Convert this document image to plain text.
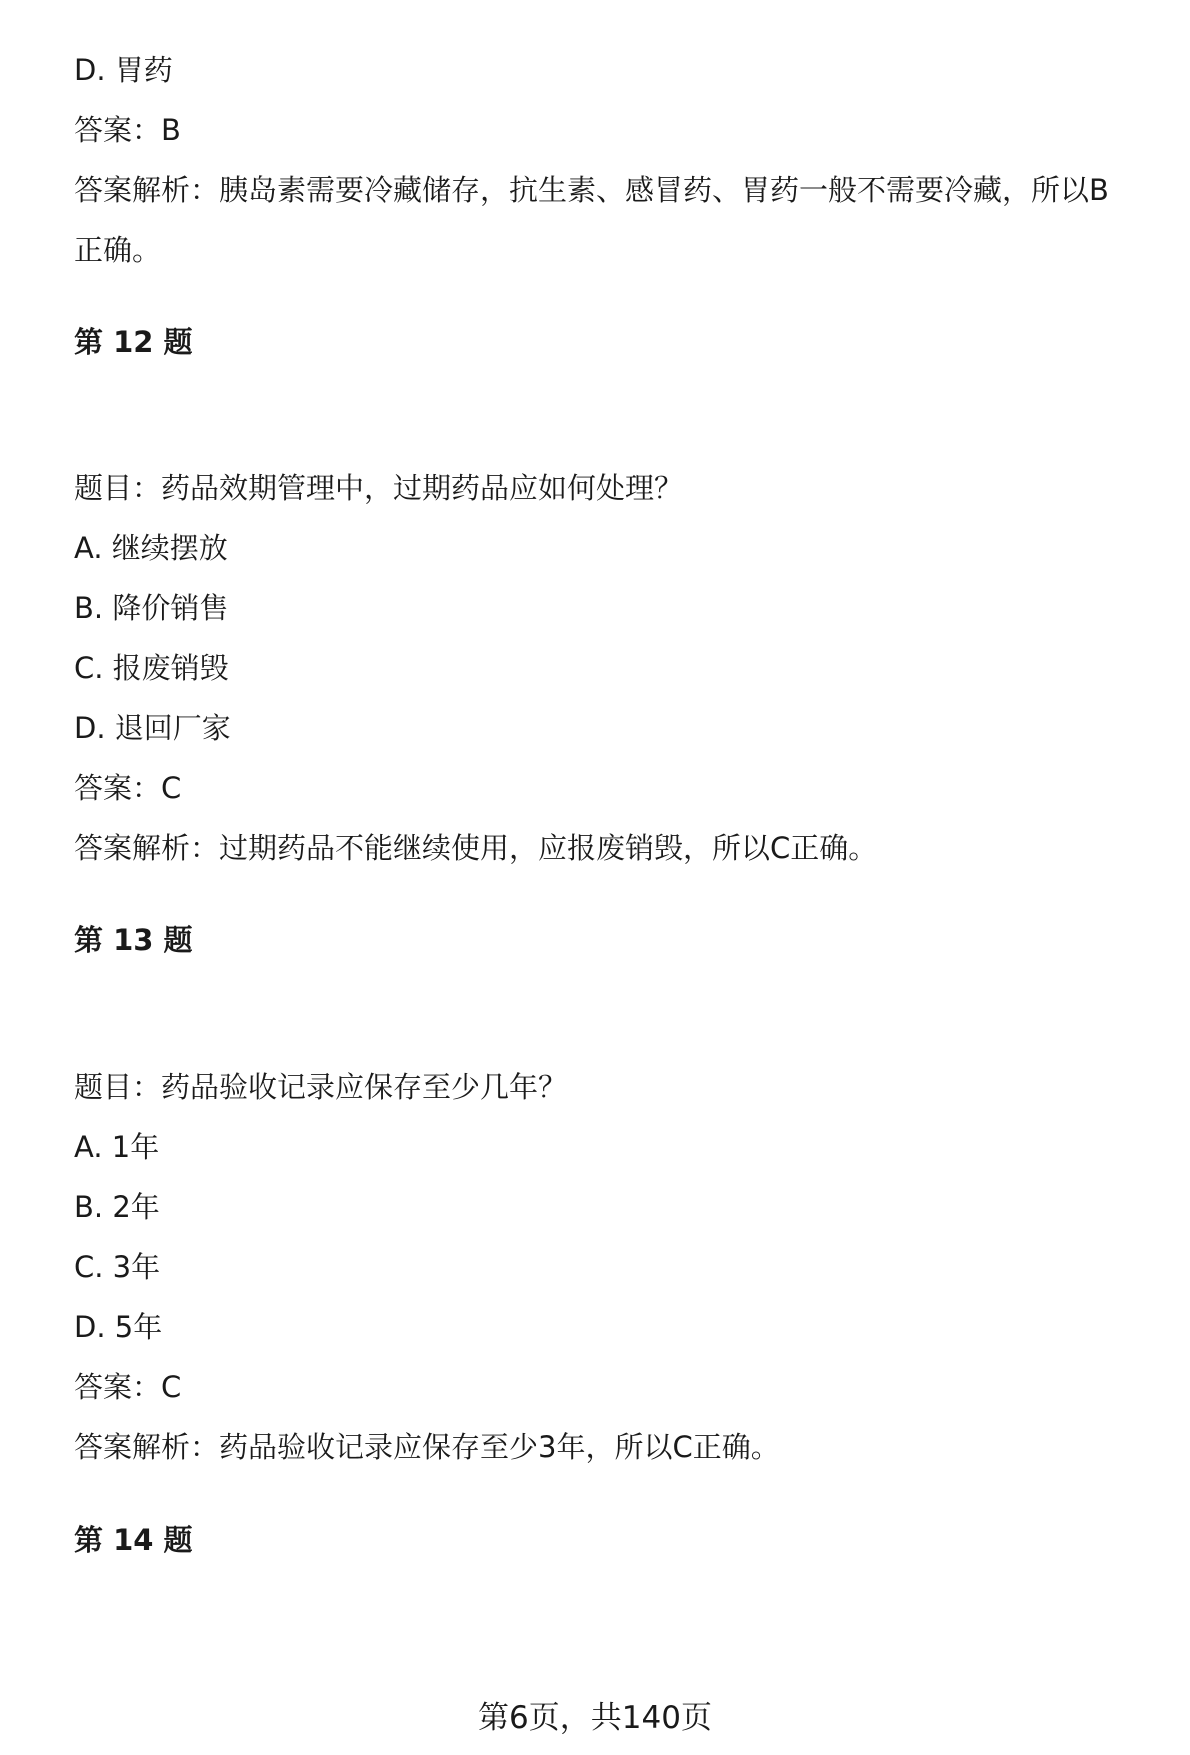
D. 胃药
答案：B
答案解析：胰岛素需要冷藏储存，抗生素、感冒药、胃药一般不需要冷藏，所以B
正确。
第 12 题
题目：药品效期管理中，过期药品应如何处理？
A. 继续摆放
B. 降价销售
C. 报废销毁
D. 退回厂家
答案：C
答案解析：过期药品不能继续使用，应报废销毁，所以C正确。
第 13 题
题目：药品验收记录应保存至少几年？
A. 1年
B. 2年
C. 3年
D. 5年
答案：C
答案解析：药品验收记录应保存至少3年，所以C正确。
第 14 题
第6页，共140页
